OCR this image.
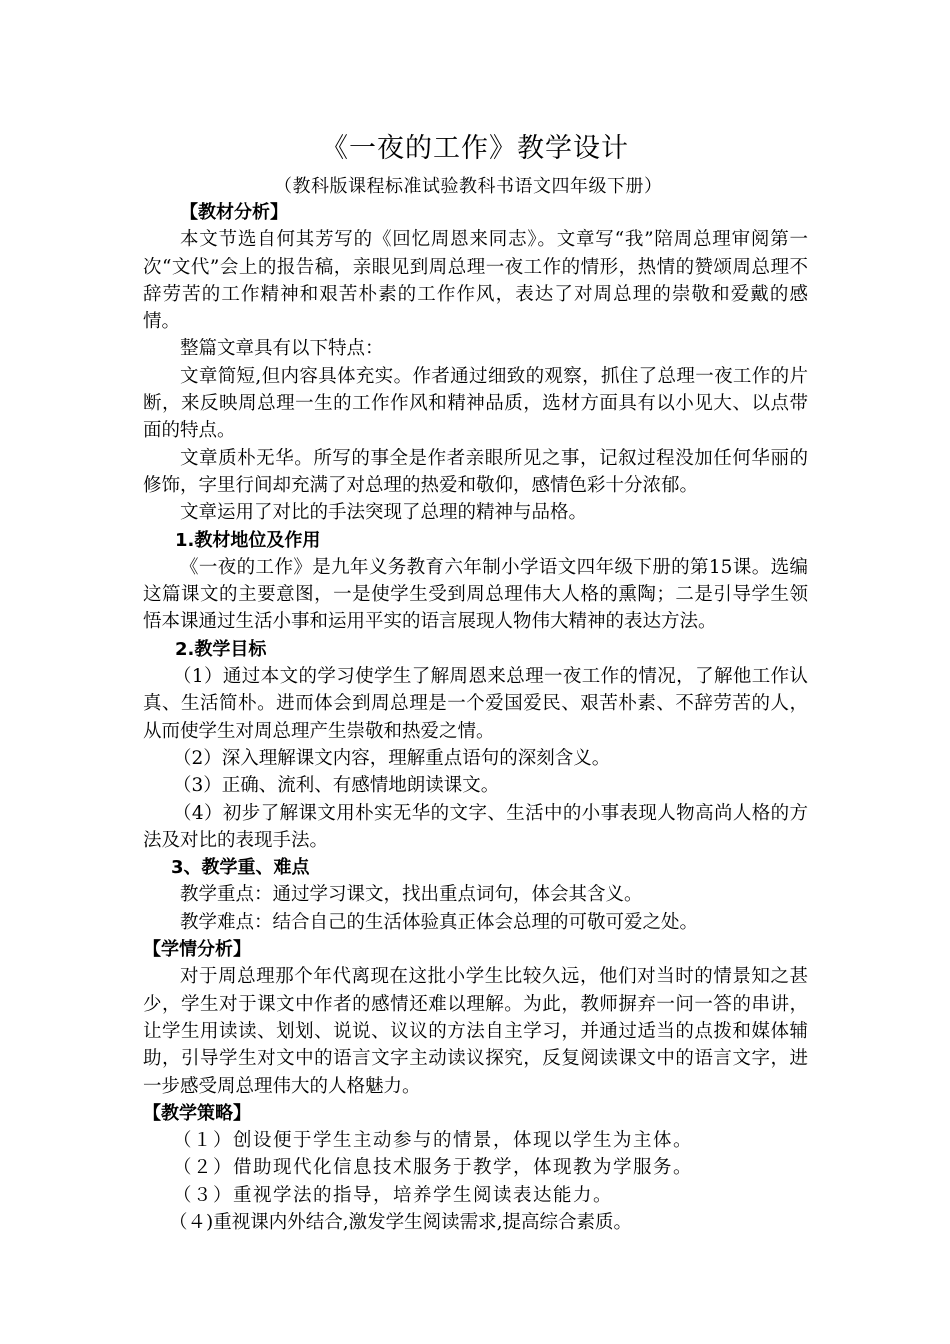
《一夜的工作》教学设计
（教科版课程标准试验教科书语文四年级下册）
【教材分析】

本文节选自何其芳写的《回忆周恩来同志》。文章写“我”陪周总理审阅第一次“文代”会上的报告稿，亲眼见到周总理一夜工作的情形，热情的赞颂周总理不辞劳苦的工作精神和艰苦朴素的工作作风，表达了对周总理的崇敬和爱戴的感情。

整篇文章具有以下特点：

文章简短,但内容具体充实。作者通过细致的观察，抓住了总理一夜工作的片断，来反映周总理一生的工作作风和精神品质，选材方面具有以小见大、以点带面的特点。

文章质朴无华。所写的事全是作者亲眼所见之事，记叙过程没加任何华丽的修饰，字里行间却充满了对总理的热爱和敬仰，感情色彩十分浓郁。

文章运用了对比的手法突现了总理的精神与品格。

1.教材地位及作用

《一夜的工作》是九年义务教育六年制小学语文四年级下册的第15课。选编这篇课文的主要意图，一是使学生受到周总理伟大人格的熏陶；二是引导学生领悟本课通过生活小事和运用平实的语言展现人物伟大精神的表达方法。

2.教学目标

（1）通过本文的学习使学生了解周恩来总理一夜工作的情况，了解他工作认真、生活简朴。进而体会到周总理是一个爱国爱民、艰苦朴素、不辞劳苦的人，从而使学生对周总理产生崇敬和热爱之情。

（2）深入理解课文内容，理解重点语句的深刻含义。

（3）正确、流利、有感情地朗读课文。

（4）初步了解课文用朴实无华的文字、生活中的小事表现人物高尚人格的方法及对比的表现手法。

3、教学重、难点

教学重点：通过学习课文，找出重点词句，体会其含义。

教学难点：结合自己的生活体验真正体会总理的可敬可爱之处。

【学情分析】

对于周总理那个年代离现在这批小学生比较久远，他们对当时的情景知之甚少，学生对于课文中作者的感情还难以理解。为此，教师摒弃一问一答的串讲，让学生用读读、划划、说说、议议的方法自主学习，并通过适当的点拨和媒体辅助，引导学生对文中的语言文字主动读议探究，反复阅读课文中的语言文字，进一步感受周总理伟大的人格魅力。

【教学策略】

（１）创设便于学生主动参与的情景，体现以学生为主体。

（２）借助现代化信息技术服务于教学，体现教为学服务。

（３）重视学法的指导，培养学生阅读表达能力。

（４)重视课内外结合,激发学生阅读需求,提高综合素质。
